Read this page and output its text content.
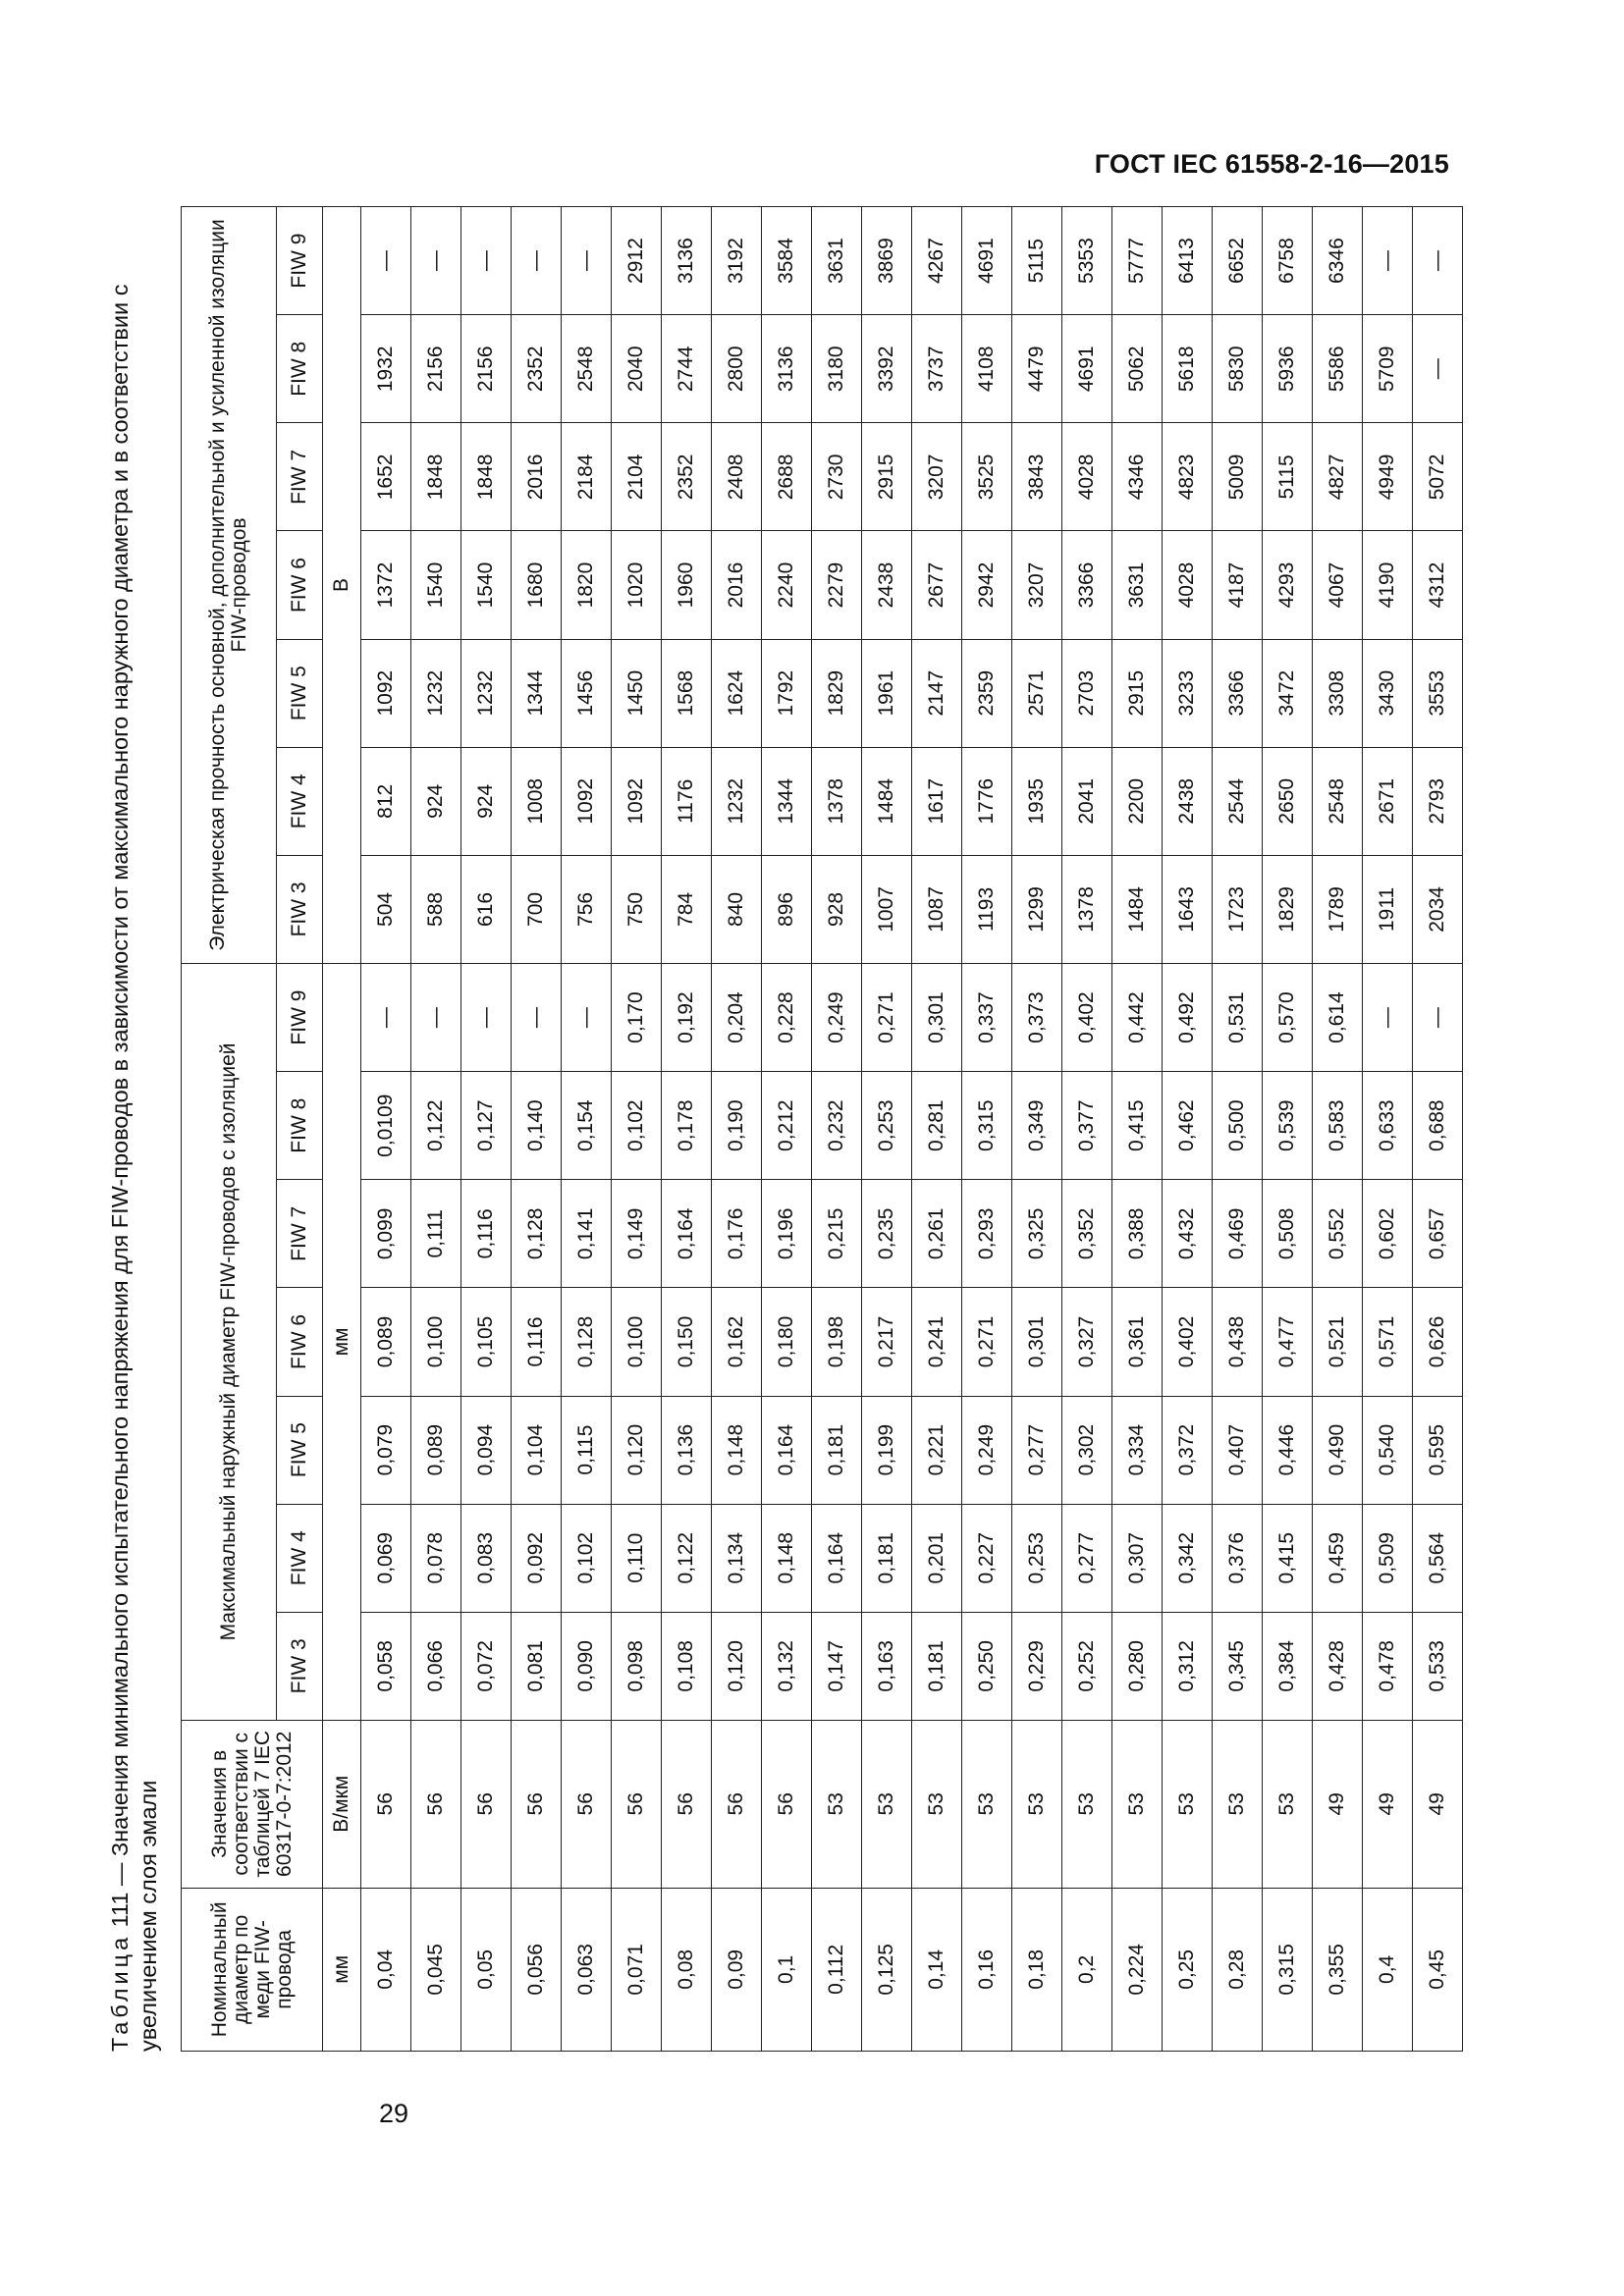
ГОСТ IEC 61558-2-16—2015
Таблица 111 — Значения минимального испытательного напряжения для FIW-проводов в зависимости от максимального наружного диаметра и в соответствии с увеличением слоя эмали Номинальный диаметр по меди FIW-провода	Значения в соответствии с таблицей 7 IEC 60317-0-7:2012	Максимальный наружный диаметр FIW-проводов с изоляцией							Электрическая прочность основной, дополнительной и усиленной изоляции FIW-проводов						
		FIW 3	FIW 4	FIW 5	FIW 6	FIW 7	FIW 8	FIW 9	FIW 3	FIW 4	FIW 5	FIW 6	FIW 7	FIW 8	FIW 9
мм	В/мкм	мм							В						
0,04	56	0,058	0,069	0,079	0,089	0,099	0,0109	—	504	812	1092	1372	1652	1932	—
0,045	56	0,066	0,078	0,089	0,100	0,111	0,122	—	588	924	1232	1540	1848	2156	—
0,05	56	0,072	0,083	0,094	0,105	0,116	0,127	—	616	924	1232	1540	1848	2156	—
0,056	56	0,081	0,092	0,104	0,116	0,128	0,140	—	700	1008	1344	1680	2016	2352	—
0,063	56	0,090	0,102	0,115	0,128	0,141	0,154	—	756	1092	1456	1820	2184	2548	—
0,071	56	0,098	0,110	0,120	0,100	0,149	0,102	0,170	750	1092	1450	1020	2104	2040	2912
0,08	56	0,108	0,122	0,136	0,150	0,164	0,178	0,192	784	1176	1568	1960	2352	2744	3136
0,09	56	0,120	0,134	0,148	0,162	0,176	0,190	0,204	840	1232	1624	2016	2408	2800	3192
0,1	56	0,132	0,148	0,164	0,180	0,196	0,212	0,228	896	1344	1792	2240	2688	3136	3584
0,112	53	0,147	0,164	0,181	0,198	0,215	0,232	0,249	928	1378	1829	2279	2730	3180	3631
0,125	53	0,163	0,181	0,199	0,217	0,235	0,253	0,271	1007	1484	1961	2438	2915	3392	3869
0,14	53	0,181	0,201	0,221	0,241	0,261	0,281	0,301	1087	1617	2147	2677	3207	3737	4267
0,16	53	0,250	0,227	0,249	0,271	0,293	0,315	0,337	1193	1776	2359	2942	3525	4108	4691
0,18	53	0,229	0,253	0,277	0,301	0,325	0,349	0,373	1299	1935	2571	3207	3843	4479	5115
0,2	53	0,252	0,277	0,302	0,327	0,352	0,377	0,402	1378	2041	2703	3366	4028	4691	5353
0,224	53	0,280	0,307	0,334	0,361	0,388	0,415	0,442	1484	2200	2915	3631	4346	5062	5777
0,25	53	0,312	0,342	0,372	0,402	0,432	0,462	0,492	1643	2438	3233	4028	4823	5618	6413
0,28	53	0,345	0,376	0,407	0,438	0,469	0,500	0,531	1723	2544	3366	4187	5009	5830	6652
0,315	53	0,384	0,415	0,446	0,477	0,508	0,539	0,570	1829	2650	3472	4293	5115	5936	6758
0,355	49	0,428	0,459	0,490	0,521	0,552	0,583	0,614	1789	2548	3308	4067	4827	5586	6346
0,4	49	0,478	0,509	0,540	0,571	0,602	0,633	—	1911	2671	3430	4190	4949	5709	—
0,45	49	0,533	0,564	0,595	0,626	0,657	0,688	—	2034	2793	3553	4312	5072	—	—
29
